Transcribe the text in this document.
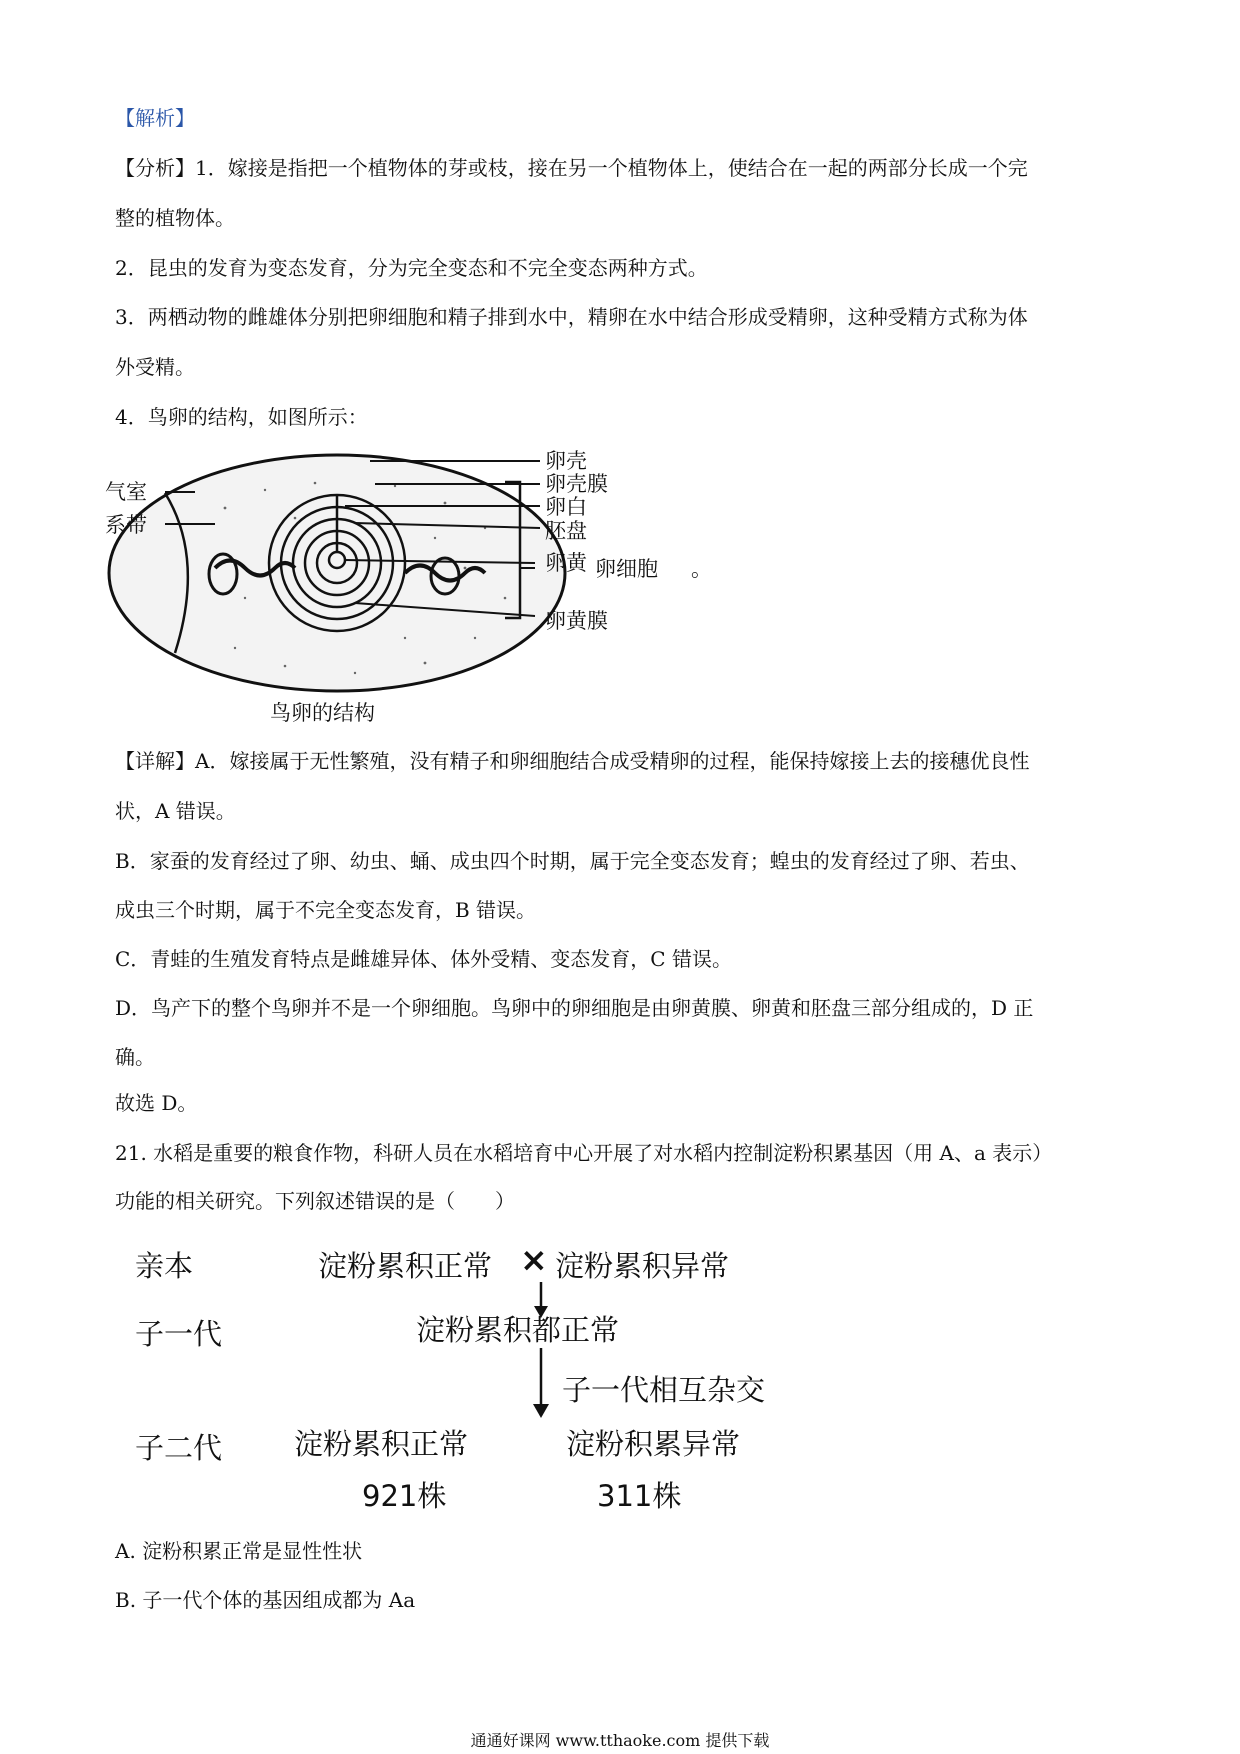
【解析】
【分析】1．嫁接是指把一个植物体的芽或枝，接在另一个植物体上，使结合在一起的两部分长成一个完
整的植物体。
2．昆虫的发育为变态发育，分为完全变态和不完全变态两种方式。
3．两栖动物的雌雄体分别把卵细胞和精子排到水中，精卵在水中结合形成受精卵，这种受精方式称为体
外受精。
4．鸟卵的结构，如图所示：
卵壳
卵壳膜
卵白
胚盘
卵黄
卵黄膜
气室
系带
卵细胞 。
鸟卵的结构
【详解】A．嫁接属于无性繁殖，没有精子和卵细胞结合成受精卵的过程，能保持嫁接上去的接穗优良性
状，A 错误。
B．家蚕的发育经过了卵、幼虫、蛹、成虫四个时期，属于完全变态发育；蝗虫的发育经过了卵、若虫、
成虫三个时期，属于不完全变态发育，B 错误。
C．青蛙的生殖发育特点是雌雄异体、体外受精、变态发育，C 错误。
D．鸟产下的整个鸟卵并不是一个卵细胞。鸟卵中的卵细胞是由卵黄膜、卵黄和胚盘三部分组成的，D 正
确。
故选 D。
21. 水稻是重要的粮食作物，科研人员在水稻培育中心开展了对水稻内控制淀粉积累基因（用 A、a 表示）
功能的相关研究。下列叙述错误的是（　　）
亲本	淀粉累积正常 × 淀粉累积异常
子一代	淀粉累积都正常
子一代相互杂交
子二代 淀粉累积正常	淀粉积累异常
921株	311株
A. 淀粉积累正常是显性性状
B. 子一代个体的基因组成都为 Aa
通通好课网 www.tthaoke.com 提供下载
